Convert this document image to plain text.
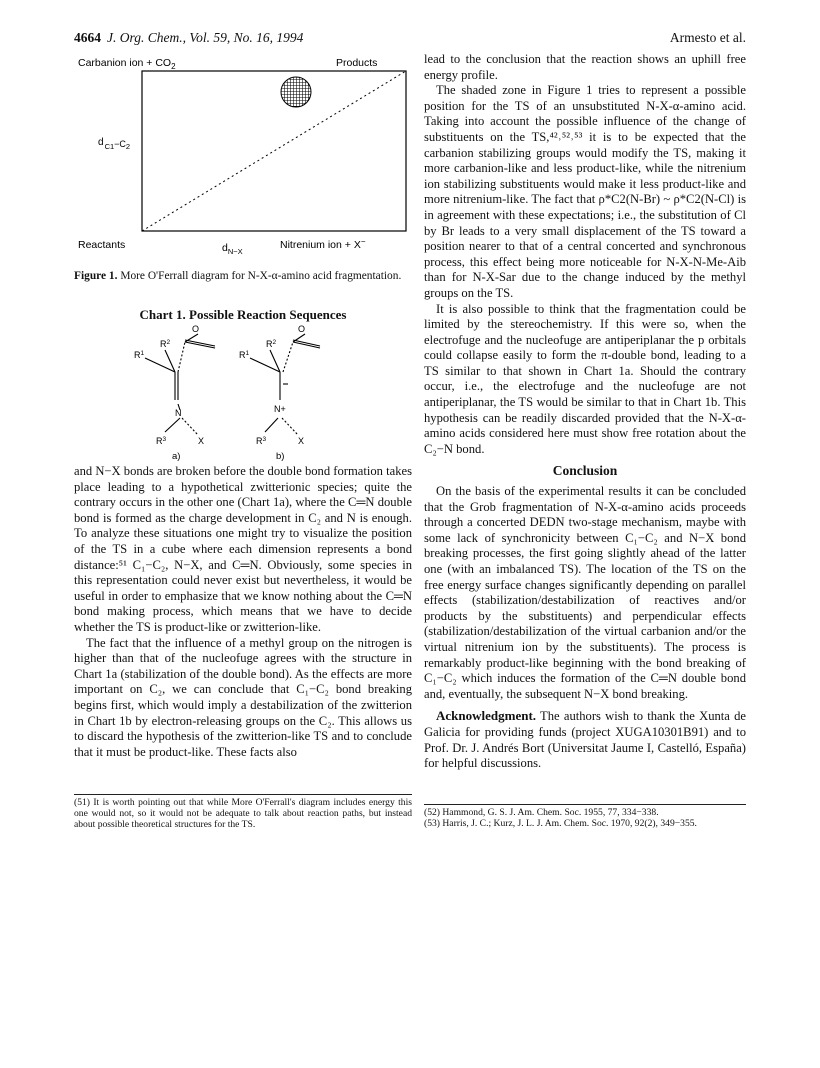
4664 J. Org. Chem., Vol. 59, No. 16, 1994	Armesto et al.
Carbanion ion + $CO_2$	Products
$d_C1-C_2$
Reactants	$d_{N-X}$
Nitrenium ion + X−
Figure 1. More O'Ferrall diagram for N-X-α-amino acid fragmentation.
Chart 1. Possible Reaction Sequences
O
$R^2$
$R^1$
N
$R^3$	X
O
$R^2$
$R^1$
N+
$R^3$	X
a)	b)

and N−X bonds are broken before the double bond formation takes place leading to a hypothetical zwitterionic species; quite the contrary occurs in the other one (Chart 1a), where the C═N double bond is formed as the charge development in C₂ and N is enough. To analyze these situations one might try to visualize the position of the TS in a cube where each dimension represents a bond distance:⁵¹ C₁−C₂, N−X, and C═N. Obviously, some species in this representation could never exist but nevertheless, it would be useful in order to emphasize that we know nothing about the C═N bond making process, which means that we have to decide whether the TS is product-like or zwitterion-like.

The fact that the influence of a methyl group on the nitrogen is higher than that of the nucleofuge agrees with the structure in Chart 1a (stabilization of the double bond). As the effects are more important on C₂, we can conclude that C₁−C₂ bond breaking begins first, which would imply a destabilization of the zwitterion in Chart 1b by electron-releasing groups on the C₂. This allows us to discard the hypothesis of the zwitterion-like TS and to conclude that it must be product-like. These facts also

(51) It is worth pointing out that while More O'Ferrall's diagram includes energy this one would not, so it would not be adequate to talk about reaction paths, but instead about possible theoretical structures for the TS.

lead to the conclusion that the reaction shows an uphill free energy profile.

The shaded zone in Figure 1 tries to represent a possible position for the TS of an unsubstituted N-X-α-amino acid. Taking into account the possible influence of the change of substituents on the TS,⁴²˒⁵²˒⁵³ it is to be expected that the carbanion stabilizing groups would modify the TS, making it more carbanion-like and less product-like, while the nitrenium ion stabilizing substituents would make it less product-like and more nitrenium-like. The fact that ρ*C2(N-Br) ~ ρ*C2(N-Cl) is in agreement with these expectations; i.e., the substitution of Cl by Br leads to a very small displacement of the TS toward a position nearer to that of a central concerted and synchronous process, this effect being more noticeable for N-X-N-Me-Aib than for N-X-Sar due to the change induced by the methyl groups on the TS.

It is also possible to think that the fragmentation could be limited by the stereochemistry. If this were so, when the electrofuge and the nucleofuge are antiperiplanar the p orbitals could collapse easily to form the π-double bond, leading to a TS similar to that shown in Chart 1a. Should the contrary occur, i.e., the electrofuge and the nucleofuge are not antiperiplanar, the TS would be similar to that in Chart 1b. This hypothesis can be readily discarded provided that the N-X-α-amino acids considered here must show free rotation about the C₂−N bond.

Conclusion

On the basis of the experimental results it can be concluded that the Grob fragmentation of N-X-α-amino acids proceeds through a concerted DEDN two-stage mechanism, maybe with some lack of synchronicity between C₁−C₂ and N−X bond breaking processes, the first going slightly ahead of the latter one (with an imbalanced TS). The location of the TS on the free energy surface changes significantly depending on parallel effects (stabilization/destabilization of reactives and/or products by the substituents) and perpendicular effects (stabilization/destabilization of the virtual carbanion and/or the virtual nitrenium ion by the substituents). The process is remarkably product-like beginning with the bond breaking of C₁−C₂ which induces the formation of the C═N double bond and, eventually, the subsequent N−X bond breaking.

Acknowledgment. The authors wish to thank the Xunta de Galicia for providing funds (project XUGA10301B91) and to Prof. Dr. J. Andrés Bort (Universitat Jaume I, Castelló, España) for helpful discussions.

(52) Hammond, G. S. J. Am. Chem. Soc. 1955, 77, 334−338.
(53) Harris, J. C.; Kurz, J. L. J. Am. Chem. Soc. 1970, 92(2), 349−355.
